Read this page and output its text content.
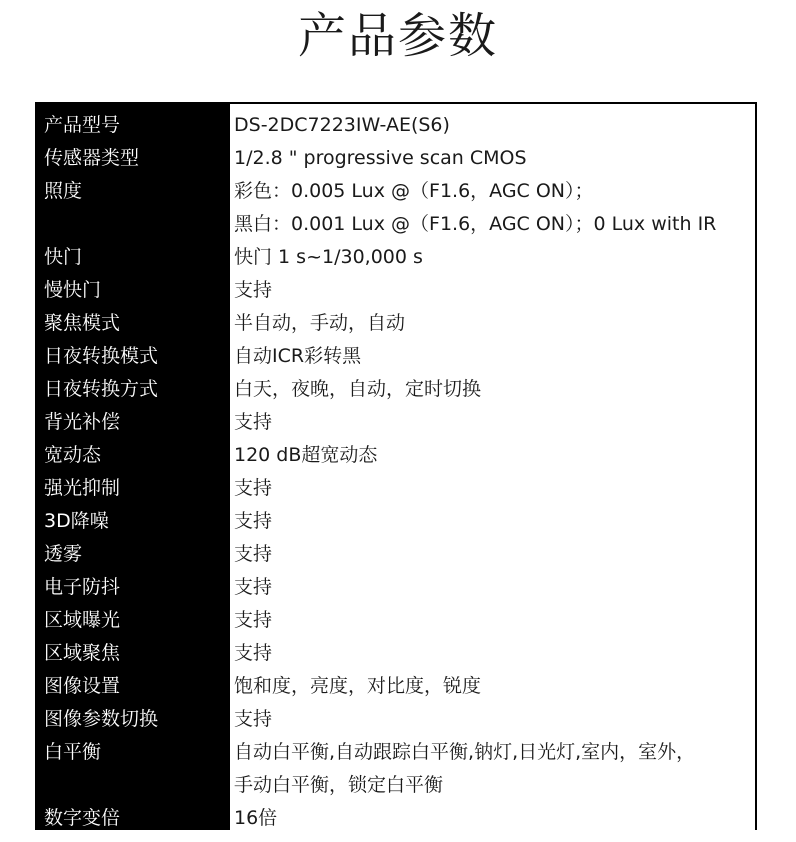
产品参数
产品型号	DS-2DC7223IW-AE(S6)
传感器类型	1/2.8 " progressive scan CMOS
照度	彩色：0.005 Lux @（F1.6，AGC ON）；
黑白：0.001 Lux @（F1.6，AGC ON）；0 Lux with IR
快门	快门 1 s~1/30,000 s
慢快门	支持
聚焦模式	半自动，手动，自动
日夜转换模式	自动ICR彩转黑
日夜转换方式	白天，夜晚，自动，定时切换
背光补偿	支持
宽动态	120 dB超宽动态
强光抑制	支持
3D降噪	支持
透雾	支持
电子防抖	支持
区域曝光	支持
区域聚焦	支持
图像设置	饱和度，亮度，对比度，锐度
图像参数切换	支持
白平衡	自动白平衡,自动跟踪白平衡,钠灯,日光灯,室内，室外，
手动白平衡，锁定白平衡
数字变倍	16倍
